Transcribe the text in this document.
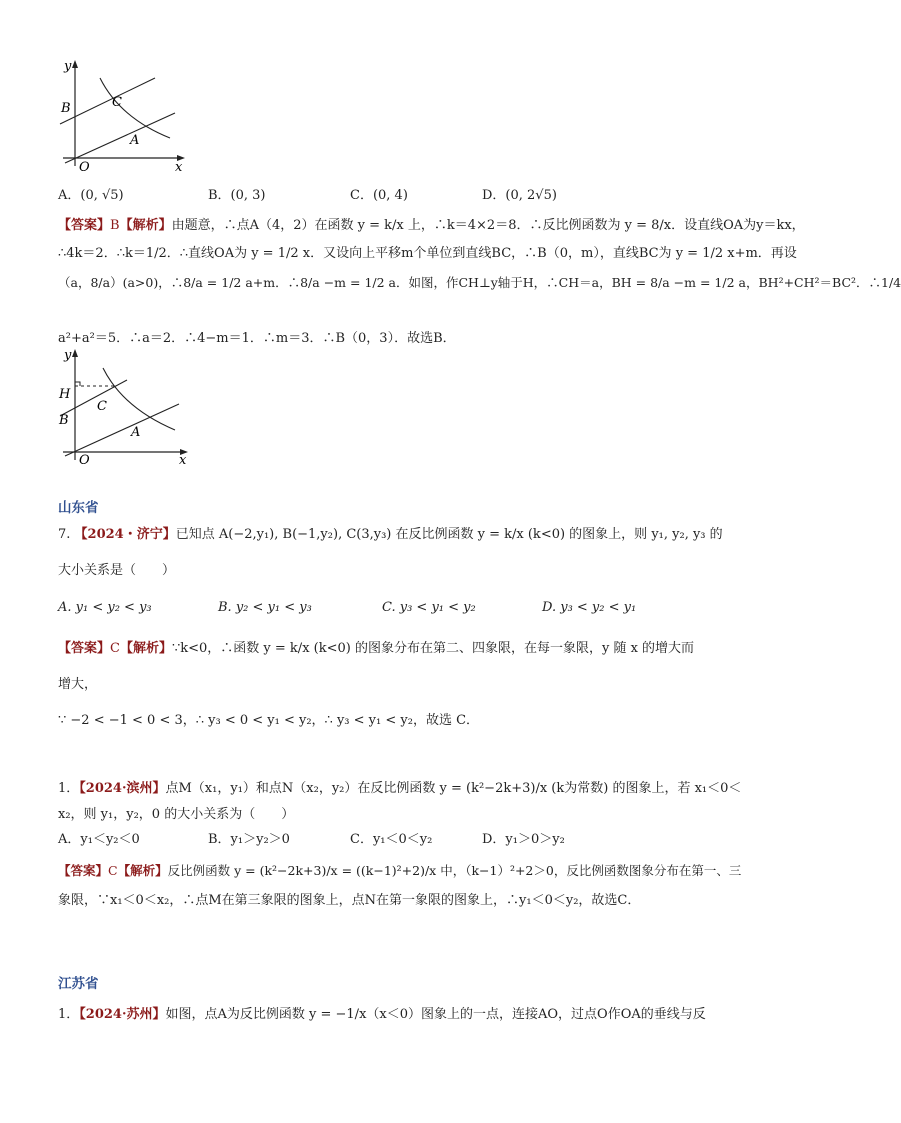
y
B	C
A
O	x
A．(0, √5)	B．(0, 3)	C．(0, 4)	D．(0, 2√5)
【答案】B【解析】由题意，∴点A（4，2）在函数 y = k/x 上，∴k＝4×2＝8．∴反比例函数为 y = 8/x．设直线OA为y＝kx，
∴4k＝2．∴k＝1/2．∴直线OA为 y = 1/2 x．又设向上平移m个单位到直线BC，∴B（0，m），直线BC为 y = 1/2 x+m．再设
（a，8/a）(a>0)，∴8/a = 1/2 a+m．∴8/a −m = 1/2 a．如图，作CH⊥y轴于H，∴CH＝a，BH = 8/a −m = 1/2 a，BH²+CH²＝BC²．∴1/4
a²+a²＝5．∴a＝2．∴4−m＝1．∴m＝3．∴B（0，3）．故选B．
y
H
C
B
A
O	x
山东省
7. 【2024・济宁】已知点 A(−2,y₁), B(−1,y₂), C(3,y₃) 在反比例函数 y = k/x (k<0) 的图象上，则 y₁, y₂, y₃ 的
大小关系是（　　）
A. y₁ < y₂ < y₃	B. y₂ < y₁ < y₃	C. y₃ < y₁ < y₂	D. y₃ < y₂ < y₁
【答案】C【解析】∵k<0，∴函数 y = k/x (k<0) 的图象分布在第二、四象限，在每一象限，y 随 x 的增大而
增大，
∵ −2 < −1 < 0 < 3，∴ y₃ < 0 < y₁ < y₂，∴ y₃ < y₁ < y₂，故选 C．
1．【2024·滨州】点M（x₁，y₁）和点N（x₂，y₂）在反比例函数 y = (k²−2k+3)/x (k为常数) 的图象上，若 x₁＜0＜
x₂，则 y₁，y₂，0 的大小关系为（　　）
A．y₁＜y₂＜0	B．y₁＞y₂＞0	C．y₁＜0＜y₂	D．y₁＞0＞y₂
【答案】C【解析】反比例函数 y = (k²−2k+3)/x = ((k−1)²+2)/x 中，（k−1）²+2＞0，反比例函数图象分布在第一、三
象限，∵x₁＜0＜x₂，∴点M在第三象限的图象上，点N在第一象限的图象上，∴y₁＜0＜y₂，故选C．
江苏省
1．【2024·苏州】如图，点A为反比例函数 y = −1/x（x＜0）图象上的一点，连接AO，过点O作OA的垂线与反
